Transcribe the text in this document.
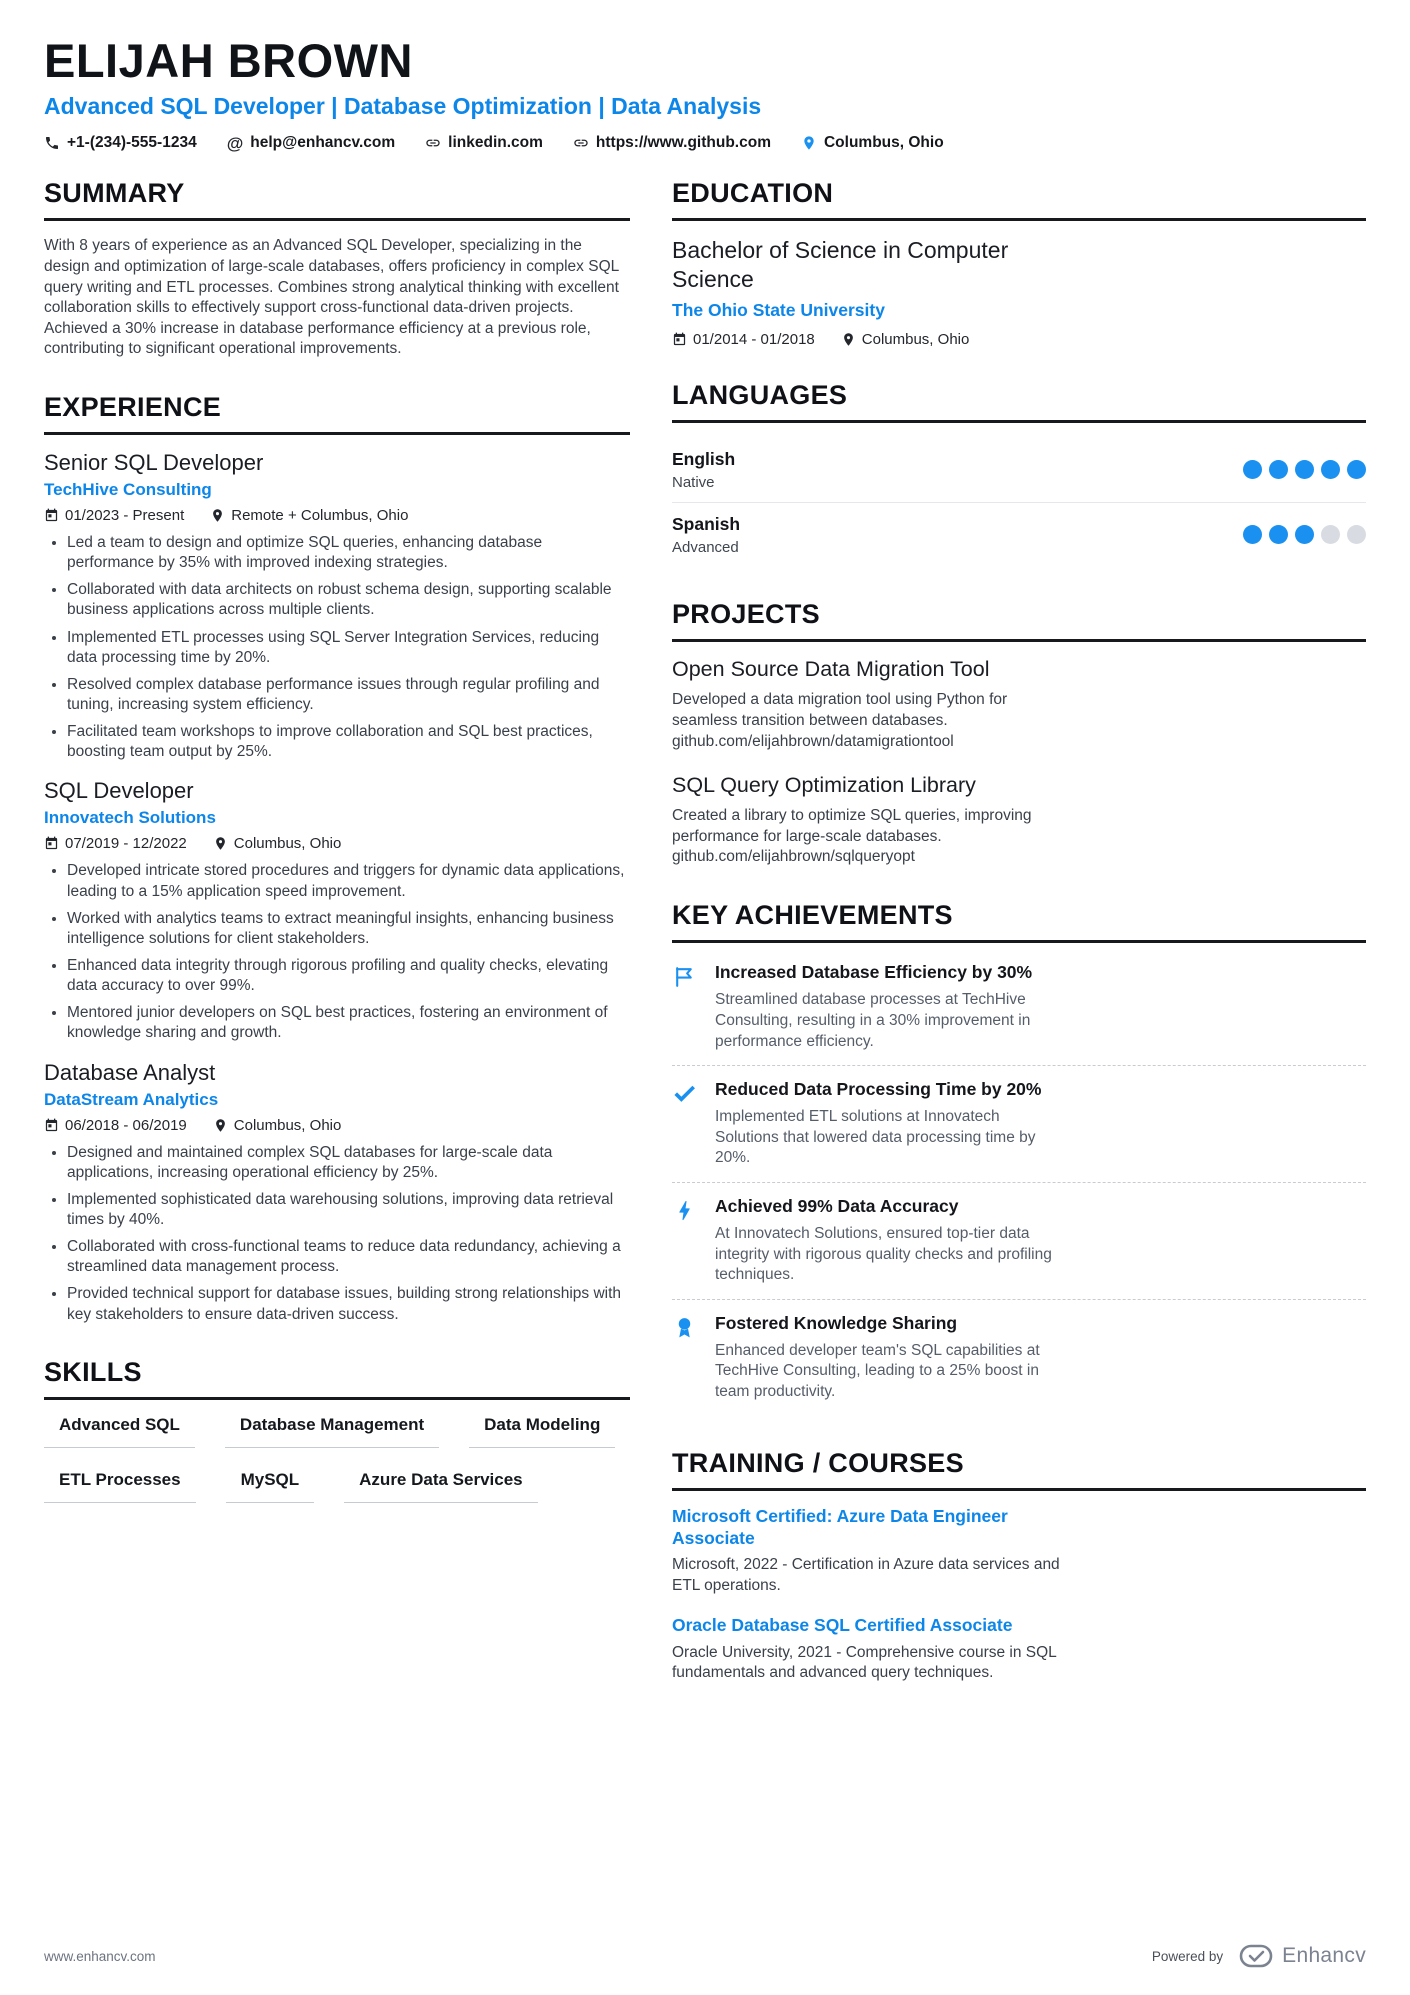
ELIJAH BROWN
Advanced SQL Developer | Database Optimization | Data Analysis
+1-(234)-555-1234 @ help@enhancv.com	linkedin.com	https://www.github.com	Columbus, Ohio
SUMMARY

With 8 years of experience as an Advanced SQL Developer, specializing in the design and optimization of large-scale databases, offers proficiency in complex SQL query writing and ETL processes. Combines strong analytical thinking with excellent collaboration skills to effectively support cross-functional data-driven projects. Achieved a 30% increase in database performance efficiency at a previous role, contributing to significant operational improvements.

EXPERIENCE
Senior SQL Developer
TechHive Consulting
01/2023 - Present	Remote + Columbus, Ohio
• Led a team to design and optimize SQL queries, enhancing database performance by 35% with improved indexing strategies.
• Collaborated with data architects on robust schema design, supporting scalable business applications across multiple clients.
• Implemented ETL processes using SQL Server Integration Services, reducing data processing time by 20%.
• Resolved complex database performance issues through regular profiling and tuning, increasing system efficiency.
• Facilitated team workshops to improve collaboration and SQL best practices, boosting team output by 25%.
SQL Developer
Innovatech Solutions
07/2019 - 12/2022	Columbus, Ohio
• Developed intricate stored procedures and triggers for dynamic data applications, leading to a 15% application speed improvement.
• Worked with analytics teams to extract meaningful insights, enhancing business intelligence solutions for client stakeholders.
• Enhanced data integrity through rigorous profiling and quality checks, elevating data accuracy to over 99%.
• Mentored junior developers on SQL best practices, fostering an environment of knowledge sharing and growth.
Database Analyst
DataStream Analytics
06/2018 - 06/2019	Columbus, Ohio
• Designed and maintained complex SQL databases for large-scale data applications, increasing operational efficiency by 25%.
• Implemented sophisticated data warehousing solutions, improving data retrieval times by 40%.
• Collaborated with cross-functional teams to reduce data redundancy, achieving a streamlined data management process.
• Provided technical support for database issues, building strong relationships with key stakeholders to ensure data-driven success.
SKILLS
Advanced SQL	Database Management	Data Modeling
ETL Processes	MySQL	Azure Data Services
EDUCATION
Bachelor of Science in Computer Science
The Ohio State University
01/2014 - 01/2018	Columbus, Ohio
LANGUAGES
English
Native
Spanish
Advanced
PROJECTS
Open Source Data Migration Tool

Developed a data migration tool using Python for seamless transition between databases.
github.com/elijahbrown/datamigrationtool

SQL Query Optimization Library

Created a library to optimize SQL queries, improving performance for large-scale databases.
github.com/elijahbrown/sqlqueryopt

KEY ACHIEVEMENTS
Increased Database Efficiency by 30%

Streamlined database processes at TechHive Consulting, resulting in a 30% improvement in performance efficiency.

Reduced Data Processing Time by 20%

Implemented ETL solutions at Innovatech Solutions that lowered data processing time by 20%.

Achieved 99% Data Accuracy

At Innovatech Solutions, ensured top-tier data integrity with rigorous quality checks and profiling techniques.

Fostered Knowledge Sharing

Enhanced developer team's SQL capabilities at TechHive Consulting, leading to a 25% boost in team productivity.

TRAINING / COURSES
Microsoft Certified: Azure Data Engineer Associate

Microsoft, 2022 - Certification in Azure data services and ETL operations.

Oracle Database SQL Certified Associate

Oracle University, 2021 - Comprehensive course in SQL fundamentals and advanced query techniques.

www.enhancv.com	Powered by	Enhancv
